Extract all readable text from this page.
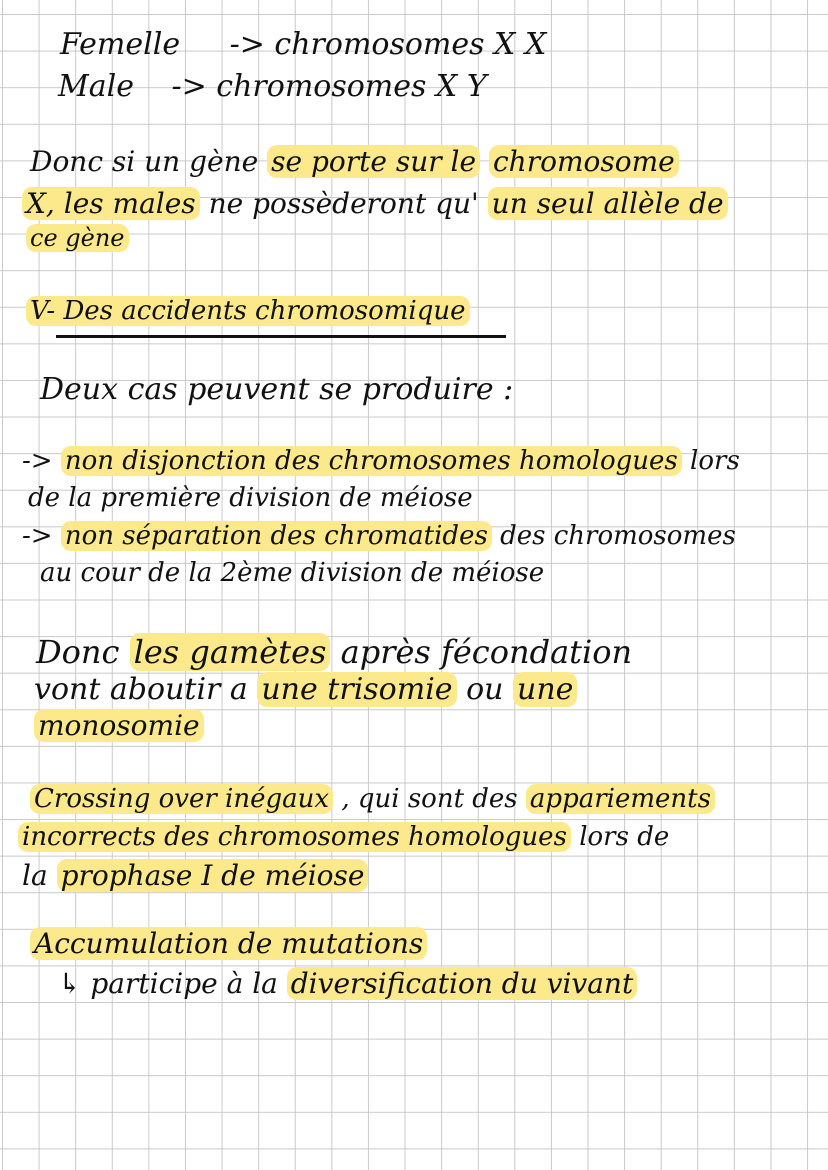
Femelle -> chromosomes X X

Male -> chromosomes X Y

Donc si un gène se porte sur le chromosome

X, les males ne possèderont qu' un seul allèle de

ce gène

V- Des accidents chromosomique

Deux cas peuvent se produire :

-> non disjonction des chromosomes homologues lors

de la première division de méiose

-> non séparation des chromatides des chromosomes

au cour de la 2ème division de méiose

Donc les gamètes après fécondation

vont aboutir a une trisomie ou une

monosomie

Crossing over inégaux , qui sont des appariements

incorrects des chromosomes homologues lors de

la prophase I de méiose

Accumulation de mutations

↳ participe à la diversification du vivant
